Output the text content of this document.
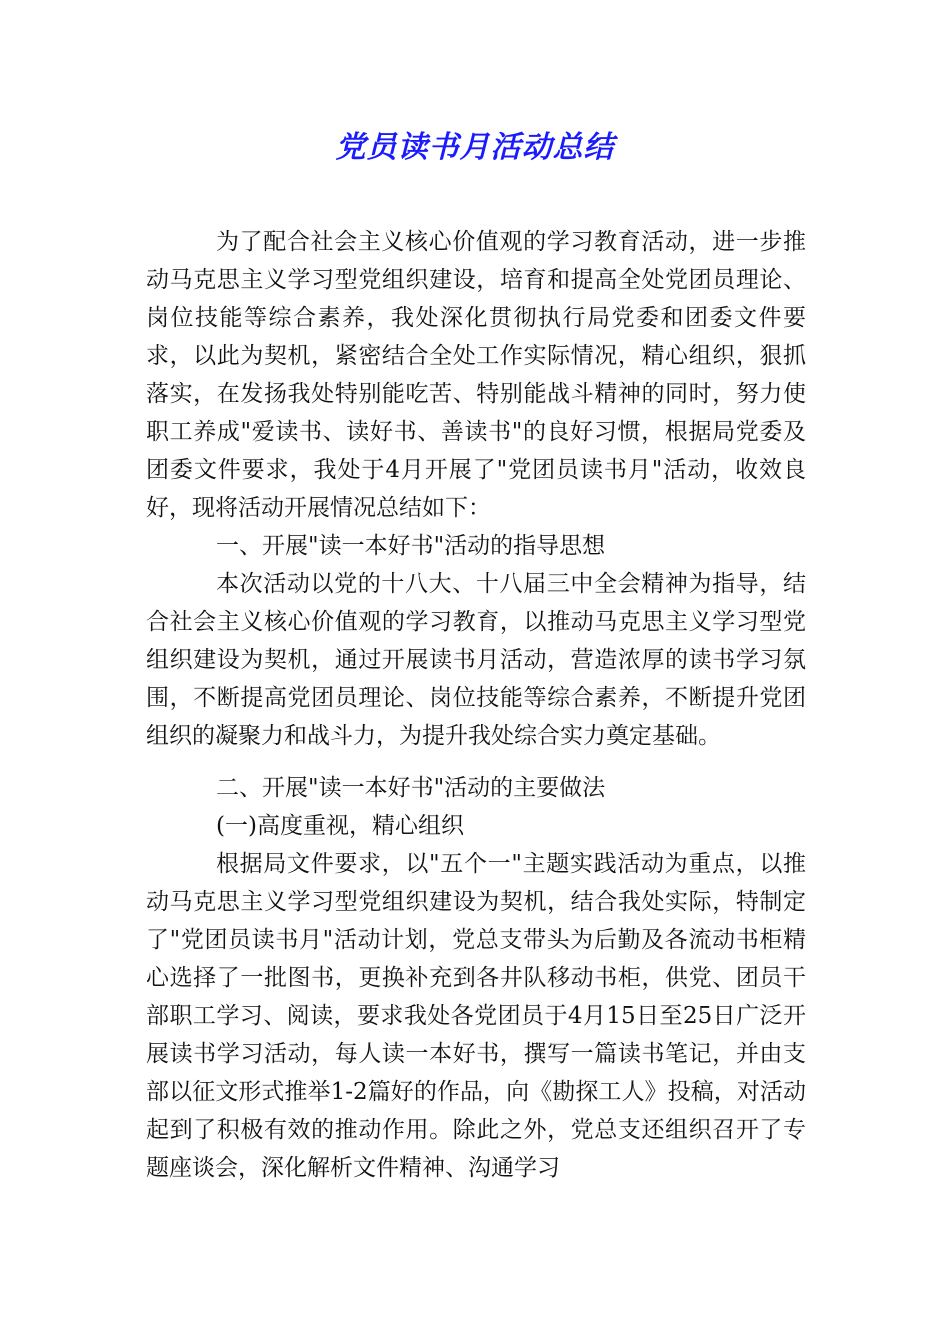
党员读书月活动总结

为了配合社会主义核心价值观的学习教育活动，进一步推动马克思主义学习型党组织建设，培育和提高全处党团员理论、岗位技能等综合素养，我处深化贯彻执行局党委和团委文件要求，以此为契机，紧密结合全处工作实际情况，精心组织，狠抓落实，在发扬我处特别能吃苦、特别能战斗精神的同时，努力使职工养成"爱读书、读好书、善读书"的良好习惯，根据局党委及团委文件要求，我处于4月开展了"党团员读书月"活动，收效良好，现将活动开展情况总结如下：

一、开展"读一本好书"活动的指导思想

本次活动以党的十八大、十八届三中全会精神为指导，结合社会主义核心价值观的学习教育，以推动马克思主义学习型党组织建设为契机，通过开展读书月活动，营造浓厚的读书学习氛围，不断提高党团员理论、岗位技能等综合素养，不断提升党团组织的凝聚力和战斗力，为提升我处综合实力奠定基础。

二、开展"读一本好书"活动的主要做法

(一)高度重视，精心组织

根据局文件要求，以"五个一"主题实践活动为重点，以推动马克思主义学习型党组织建设为契机，结合我处实际，特制定了"党团员读书月"活动计划，党总支带头为后勤及各流动书柜精心选择了一批图书，更换补充到各井队移动书柜，供党、团员干部职工学习、阅读，要求我处各党团员于4月15日至25日广泛开展读书学习活动，每人读一本好书，撰写一篇读书笔记，并由支部以征文形式推举1-2篇好的作品，向《勘探工人》投稿，对活动起到了积极有效的推动作用。除此之外，党总支还组织召开了专题座谈会，深化解析文件精神、沟通学习
